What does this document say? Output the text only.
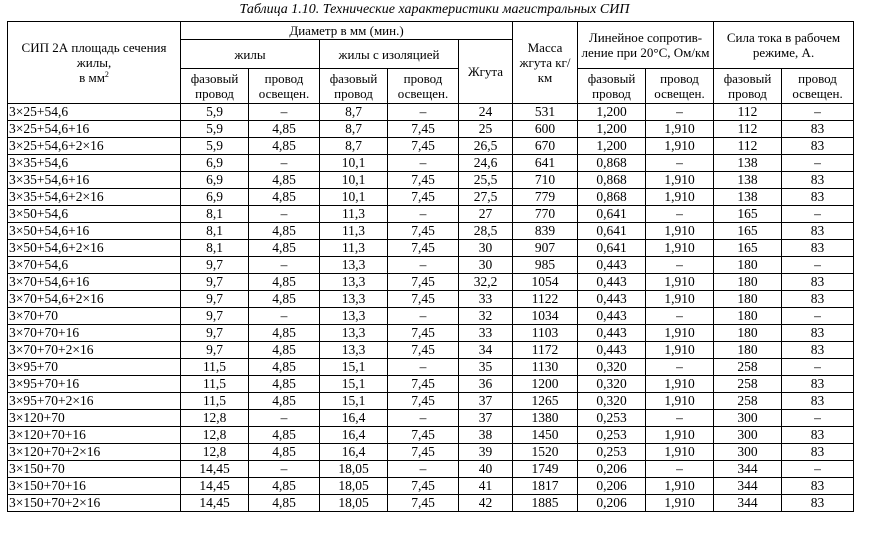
Таблица 1.10. Технические характеристики магистральных СИП
СИП 2А площадь сечения
жилы,
в $мм^2$	Диаметр в мм (мин.)					Масса жгута кг/км	Линейное сопротив-ление при 20°С, Ом/км		Сила тока в рабочем режиме, А.	
	жилы		жилы с изоляцией		Жгута					
	фазовый провод	провод освещен.	фазовый провод	провод освещен.			фазовый провод	провод освещен.	фазовый провод	провод освещен.
3×25+54,6	5,9	–	8,7	–	24	531	1,200	–	112	–
3×25+54,6+16	5,9	4,85	8,7	7,45	25	600	1,200	1,910	112	83
3×25+54,6+2×16	5,9	4,85	8,7	7,45	26,5	670	1,200	1,910	112	83
3×35+54,6	6,9	–	10,1	–	24,6	641	0,868	–	138	–
3×35+54,6+16	6,9	4,85	10,1	7,45	25,5	710	0,868	1,910	138	83
3×35+54,6+2×16	6,9	4,85	10,1	7,45	27,5	779	0,868	1,910	138	83
3×50+54,6	8,1	–	11,3	–	27	770	0,641	–	165	–
3×50+54,6+16	8,1	4,85	11,3	7,45	28,5	839	0,641	1,910	165	83
3×50+54,6+2×16	8,1	4,85	11,3	7,45	30	907	0,641	1,910	165	83
3×70+54,6	9,7	–	13,3	–	30	985	0,443	–	180	–
3×70+54,6+16	9,7	4,85	13,3	7,45	32,2	1054	0,443	1,910	180	83
3×70+54,6+2×16	9,7	4,85	13,3	7,45	33	1122	0,443	1,910	180	83
3×70+70	9,7	–	13,3	–	32	1034	0,443	–	180	–
3×70+70+16	9,7	4,85	13,3	7,45	33	1103	0,443	1,910	180	83
3×70+70+2×16	9,7	4,85	13,3	7,45	34	1172	0,443	1,910	180	83
3×95+70	11,5	4,85	15,1	–	35	1130	0,320	–	258	–
3×95+70+16	11,5	4,85	15,1	7,45	36	1200	0,320	1,910	258	83
3×95+70+2×16	11,5	4,85	15,1	7,45	37	1265	0,320	1,910	258	83
3×120+70	12,8	–	16,4	–	37	1380	0,253	–	300	–
3×120+70+16	12,8	4,85	16,4	7,45	38	1450	0,253	1,910	300	83
3×120+70+2×16	12,8	4,85	16,4	7,45	39	1520	0,253	1,910	300	83
3×150+70	14,45	–	18,05	–	40	1749	0,206	–	344	–
3×150+70+16	14,45	4,85	18,05	7,45	41	1817	0,206	1,910	344	83
3×150+70+2×16	14,45	4,85	18,05	7,45	42	1885	0,206	1,910	344	83
